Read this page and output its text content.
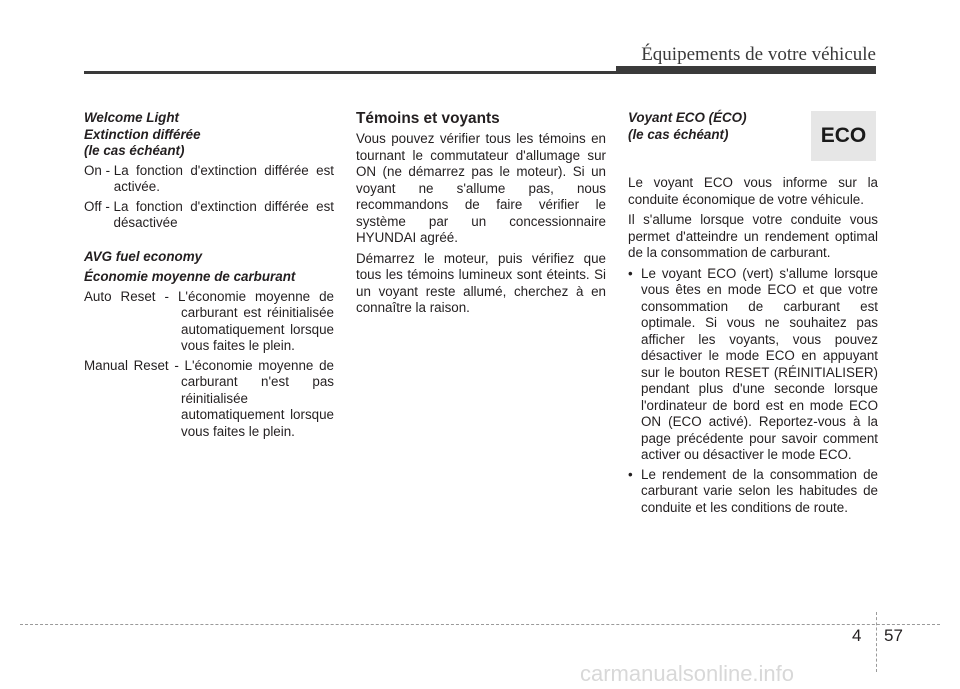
Équipements de votre véhicule
Welcome Light
Extinction différée
(le cas échéant)
On - La fonction d'extinction différée est activée.
Off - La fonction d'extinction différée est désactivée
AVG fuel economy
Économie moyenne de carburant
Auto Reset - L'économie moyenne de carburant est réinitialisée automatiquement lorsque vous faites le plein.
Manual Reset - L'économie moyenne de carburant n'est pas réinitialisée automatiquement lorsque vous faites le plein.
Témoins et voyants

Vous pouvez vérifier tous les témoins en tournant le commutateur d'allumage sur ON (ne démarrez pas le moteur). Si un voyant ne s'allume pas, nous recommandons de faire vérifier le système par un concessionnaire HYUNDAI agréé.

Démarrez le moteur, puis vérifiez que tous les témoins lumineux sont éteints. Si un voyant reste allumé, cherchez à en connaître la raison.

Voyant ECO (ÉCO)
(le cas échéant)

Le voyant ECO vous informe sur la conduite économique de votre véhicule.

Il s'allume lorsque votre conduite vous permet d'atteindre un rendement optimal de la consommation de carburant.

• Le voyant ECO (vert) s'allume lorsque vous êtes en mode ECO et que votre consommation de carburant est optimale. Si vous ne souhaitez pas afficher les voyants, vous pouvez désactiver le mode ECO en appuyant sur le bouton RESET (RÉINITIALISER) pendant plus d'une seconde lorsque l'ordinateur de bord est en mode ECO ON (ECO activé). Reportez-vous à la page précédente pour savoir comment activer ou désactiver le mode ECO.
• Le rendement de la consommation de carburant varie selon les habitudes de conduite et les conditions de route.
ECO
4 57
carmanualsonline.info
